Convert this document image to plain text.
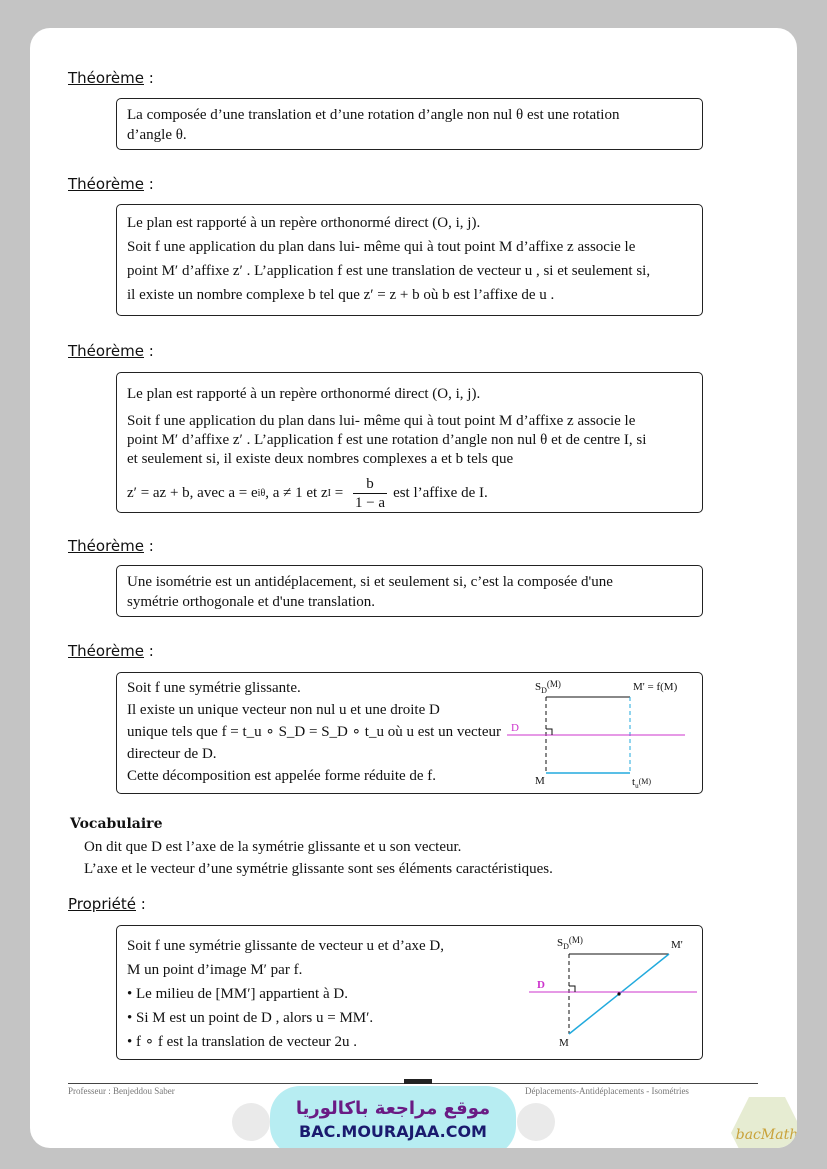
Théorème :

La composée d’une translation et d’une rotation d’angle non nul θ est une rotation

d’angle θ.

Théorème :

Le plan est rapporté à un repère orthonormé direct (O, i, j).

Soit f une application du plan dans lui- même qui à tout point M d’affixe z associe le

point M′ d’affixe z′ . L’application f est une translation de vecteur u , si et seulement si,

il existe un nombre complexe b tel que z′ = z + b où b est l’affixe de u .

Théorème :

Le plan est rapporté à un repère orthonormé direct (O, i, j).

Soit f une application du plan dans lui- même qui à tout point M d’affixe z associe le

point M′ d’affixe z′ . L’application f est une rotation d’angle non nul θ et de centre I, si

et seulement si, il existe deux nombres complexes a et b tels que

z′ = az + b, avec a = e iθ , a ≠ 1 et z $I = \frac{b}{1 - a}$ est l’affixe de I.

Théorème :

Une isométrie est un antidéplacement, si et seulement si, c’est la composée d'une

symétrie orthogonale et d'une translation.

Théorème :

Soit f une symétrie glissante.

Il existe un unique vecteur non nul u et une droite D

unique tels que f = t_u ∘ S_D = S_D ∘ t_u où u est un vecteur

directeur de D.

Cette décomposition est appelée forme réduite de f.

$S_D^{(M)}$	M' = f(M)
D
M	$t_u^{(M)}$
Vocabulaire
On dit que D est l’axe de la symétrie glissante et u son vecteur.
L’axe et le vecteur d’une symétrie glissante sont ses éléments caractéristiques.
Propriété :

Soit f une symétrie glissante de vecteur u et d’axe D,

M un point d’image M′ par f.

• Le milieu de [MM′] appartient à D.

• Si M est un point de D , alors u = MM′.

• f ∘ f est la translation de vecteur 2u .

$S_D^{(M)}$	M'
D
M
Professeur : Benjeddou Saber	Déplacements-Antidéplacements - Isométries
موقع مراجعة باكالوريا
BAC.MOURAJAA.COM	bacMath
